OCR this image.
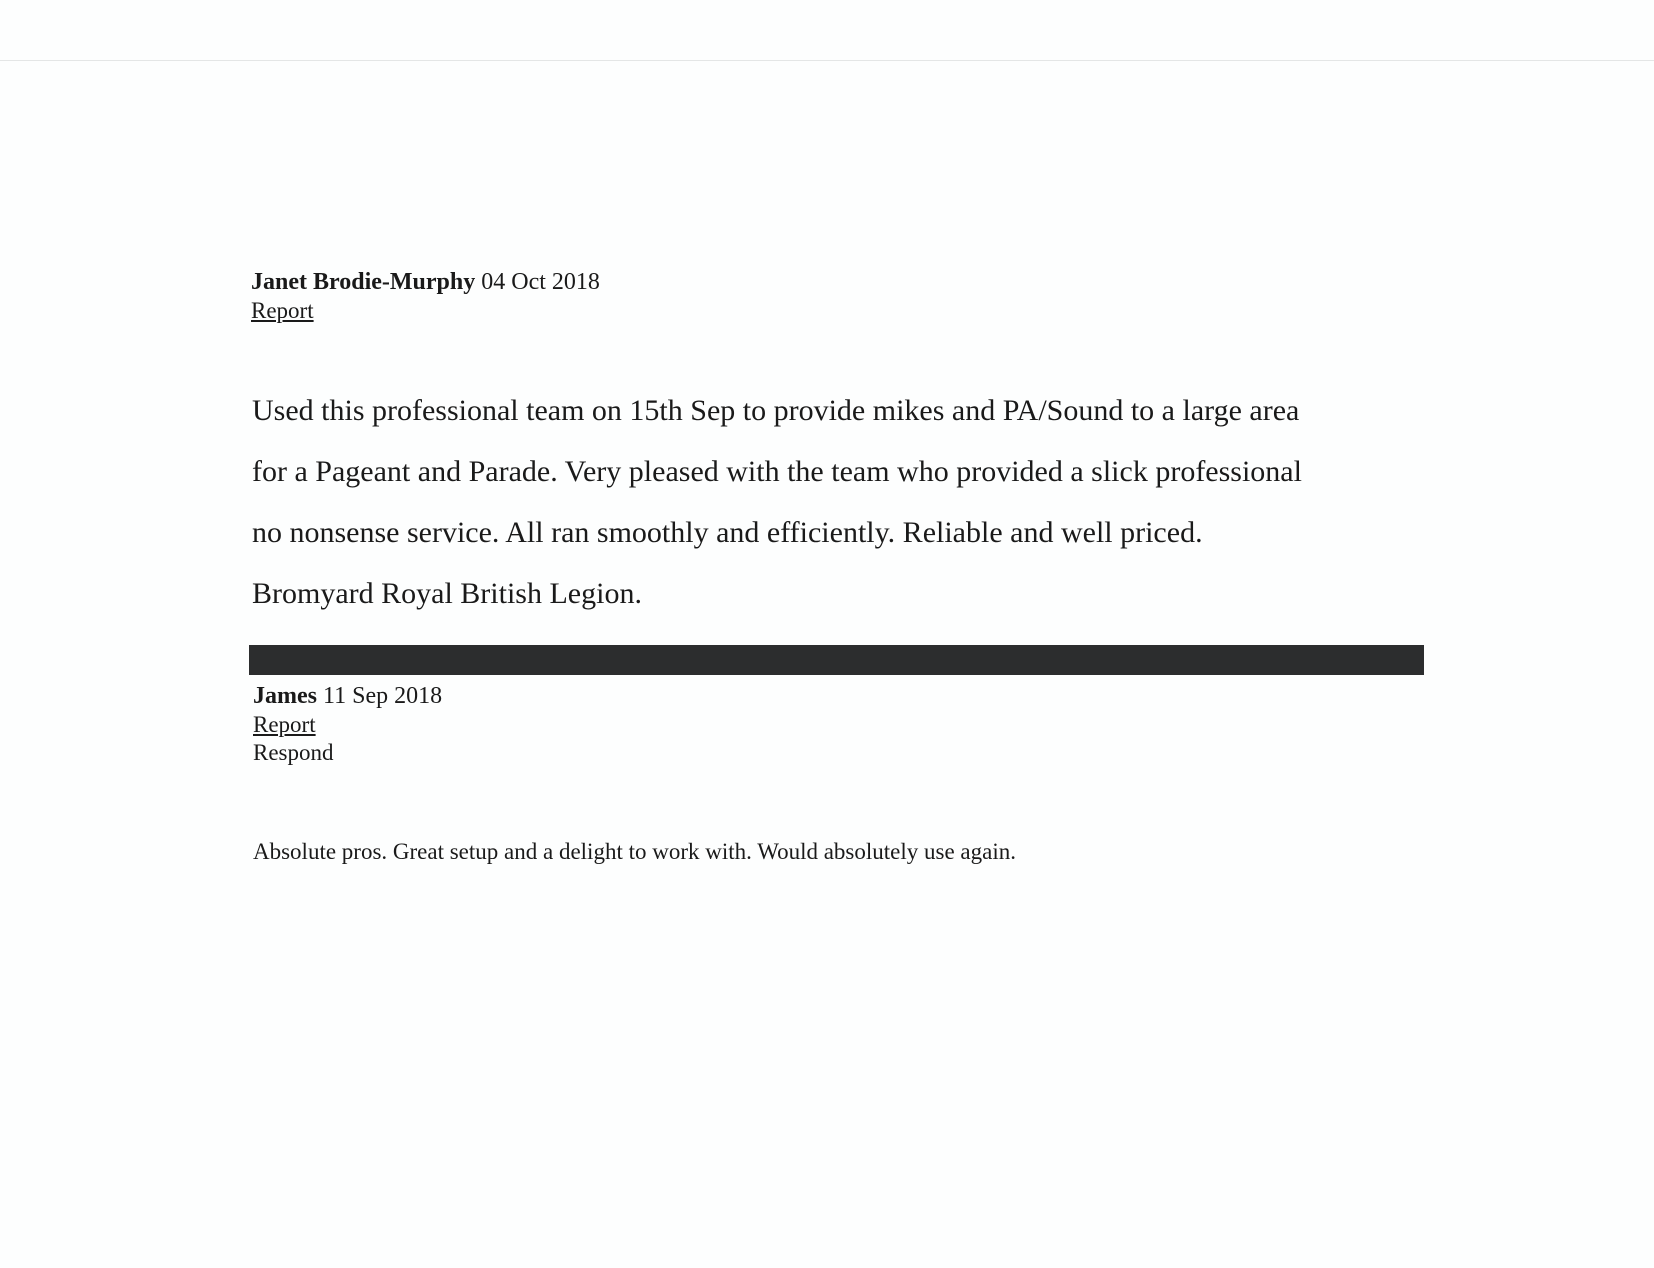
Janet Brodie-Murphy 04 Oct 2018
Report

Used this professional team on 15th Sep to provide mikes and PA/Sound to a large area

for a Pageant and Parade. Very pleased with the team who provided a slick professional

no nonsense service. All ran smoothly and efficiently. Reliable and well priced.

Bromyard Royal British Legion.

James 11 Sep 2018
Report
Respond
Absolute pros. Great setup and a delight to work with. Would absolutely use again.
